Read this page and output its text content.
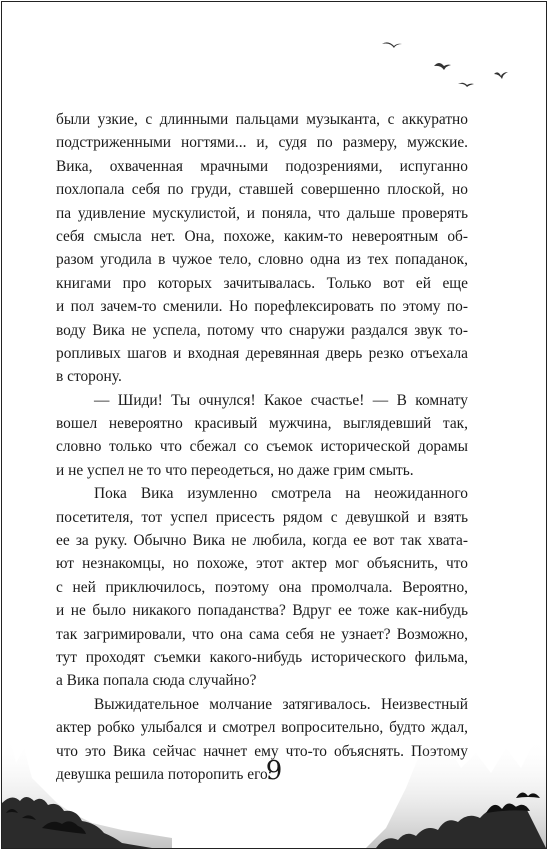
были узкие, с длинными пальцами музыканта, с аккуратно
подстриженными ногтями... и, судя по размеру, мужские.
Вика, охваченная мрачными подозрениями, испуганно
похлопала себя по груди, ставшей совершенно плоской, но
па удивление мускулистой, и поняла, что дальше проверять
себя смысла нет. Она, похоже, каким-то невероятным об-
разом угодила в чужое тело, словно одна из тех попаданок,
книгами про которых зачитывалась. Только вот ей еще
и пол зачем-то сменили. Но порефлексировать по этому по-
воду Вика не успела, потому что снаружи раздался звук то-
ропливых шагов и входная деревянная дверь резко отъехала
в сторону.
— Шиди! Ты очнулся! Какое счастье! — В комнату
вошел невероятно красивый мужчина, выглядевший так,
словно только что сбежал со съемок исторической дорамы
и не успел не то что переодеться, но даже грим смыть.
Пока Вика изумленно смотрела на неожиданного
посетителя, тот успел присесть рядом с девушкой и взять
ее за руку. Обычно Вика не любила, когда ее вот так хвата-
ют незнакомцы, но похоже, этот актер мог объяснить, что
с ней приключилось, поэтому она промолчала. Вероятно,
и не было никакого попаданства? Вдруг ее тоже как-нибудь
так загримировали, что она сама себя не узнает? Возможно,
тут проходят съемки какого-нибудь исторического фильма,
а Вика попала сюда случайно?
Выжидательное молчание затягивалось. Неизвестный
актер робко улыбался и смотрел вопросительно, будто ждал,
что это Вика сейчас начнет ему что-то объяснять. Поэтому
девушка решила поторопить его:
9
